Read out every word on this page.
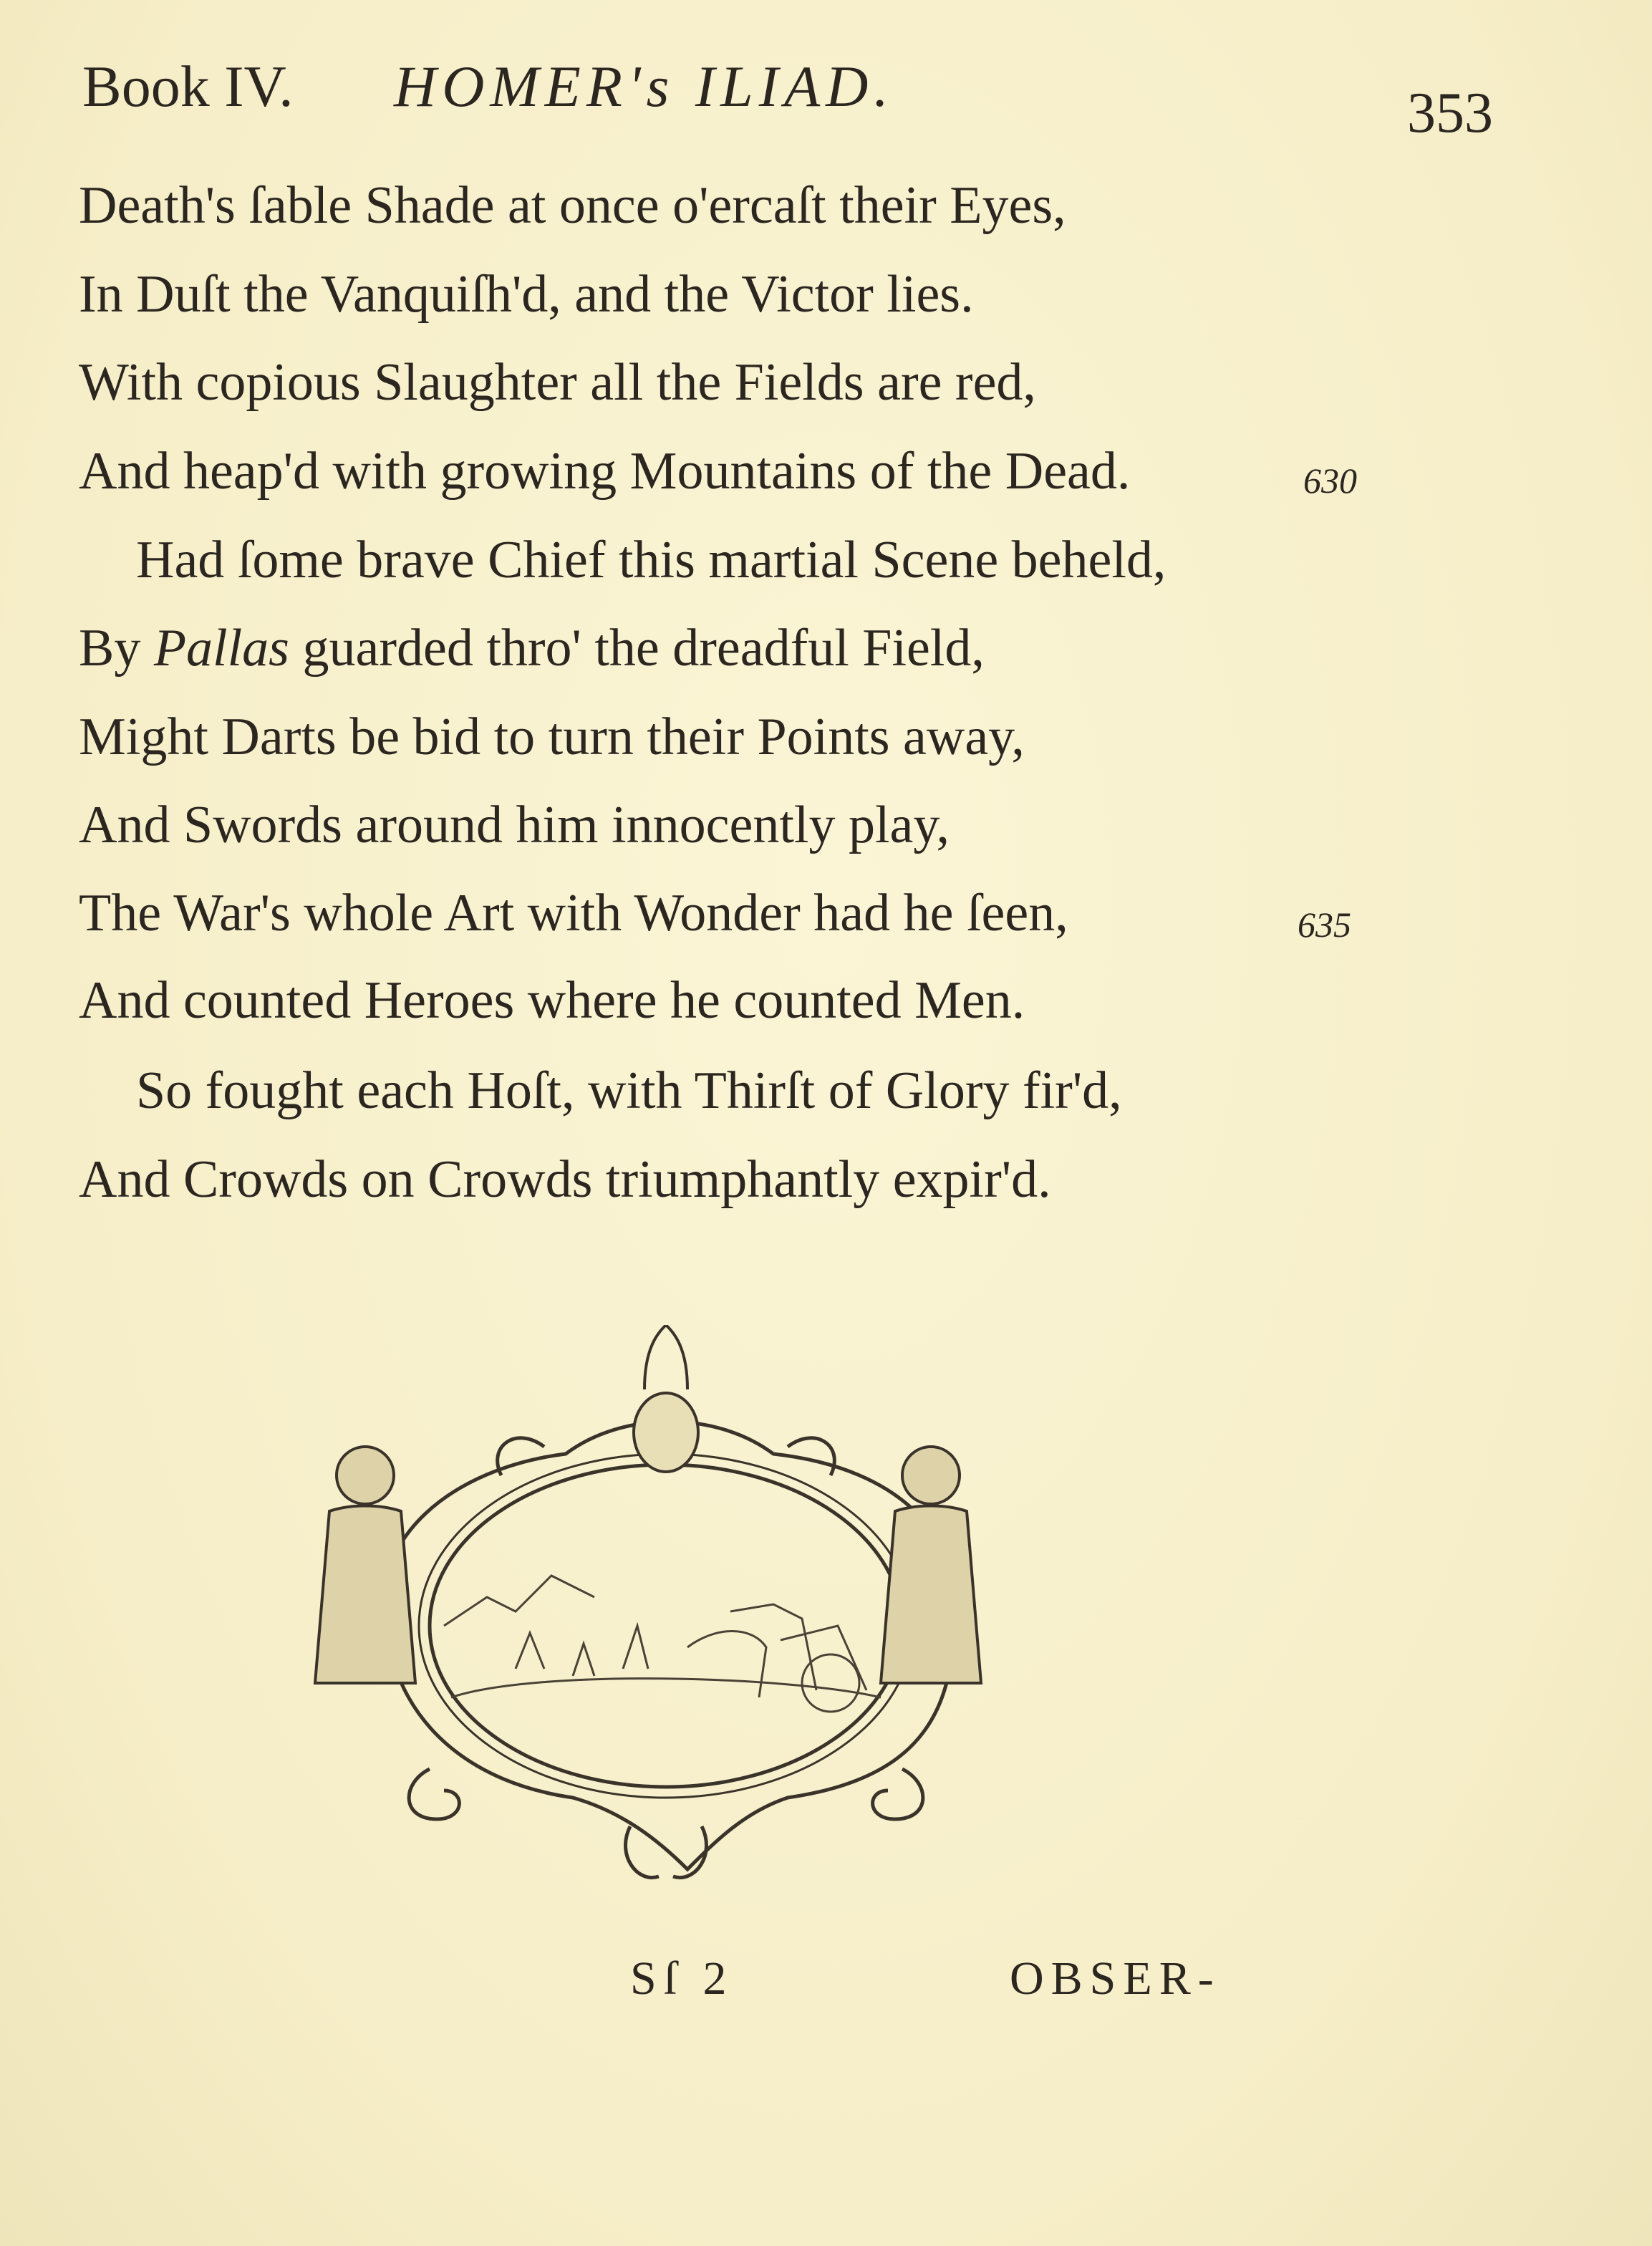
Book IV. HOMER's ILIAD.	353
Death's ſable Shade at once o'ercaſt their Eyes,
In Duſt the Vanquiſh'd, and the Victor lies.
With copious Slaughter all the Fields are red,
And heap'd with growing Mountains of the Dead.
Had ſome brave Chief this martial Scene beheld,
By Pallas guarded thro' the dreadful Field,
Might Darts be bid to turn their Points away,
And Swords around him innocently play,
The War's whole Art with Wonder had he ſeen,
And counted Heroes where he counted Men.
So fought each Hoſt, with Thirſt of Glory fir'd,
And Crowds on Crowds triumphantly expir'd.
630
635
Sſ 2	OBSER-
